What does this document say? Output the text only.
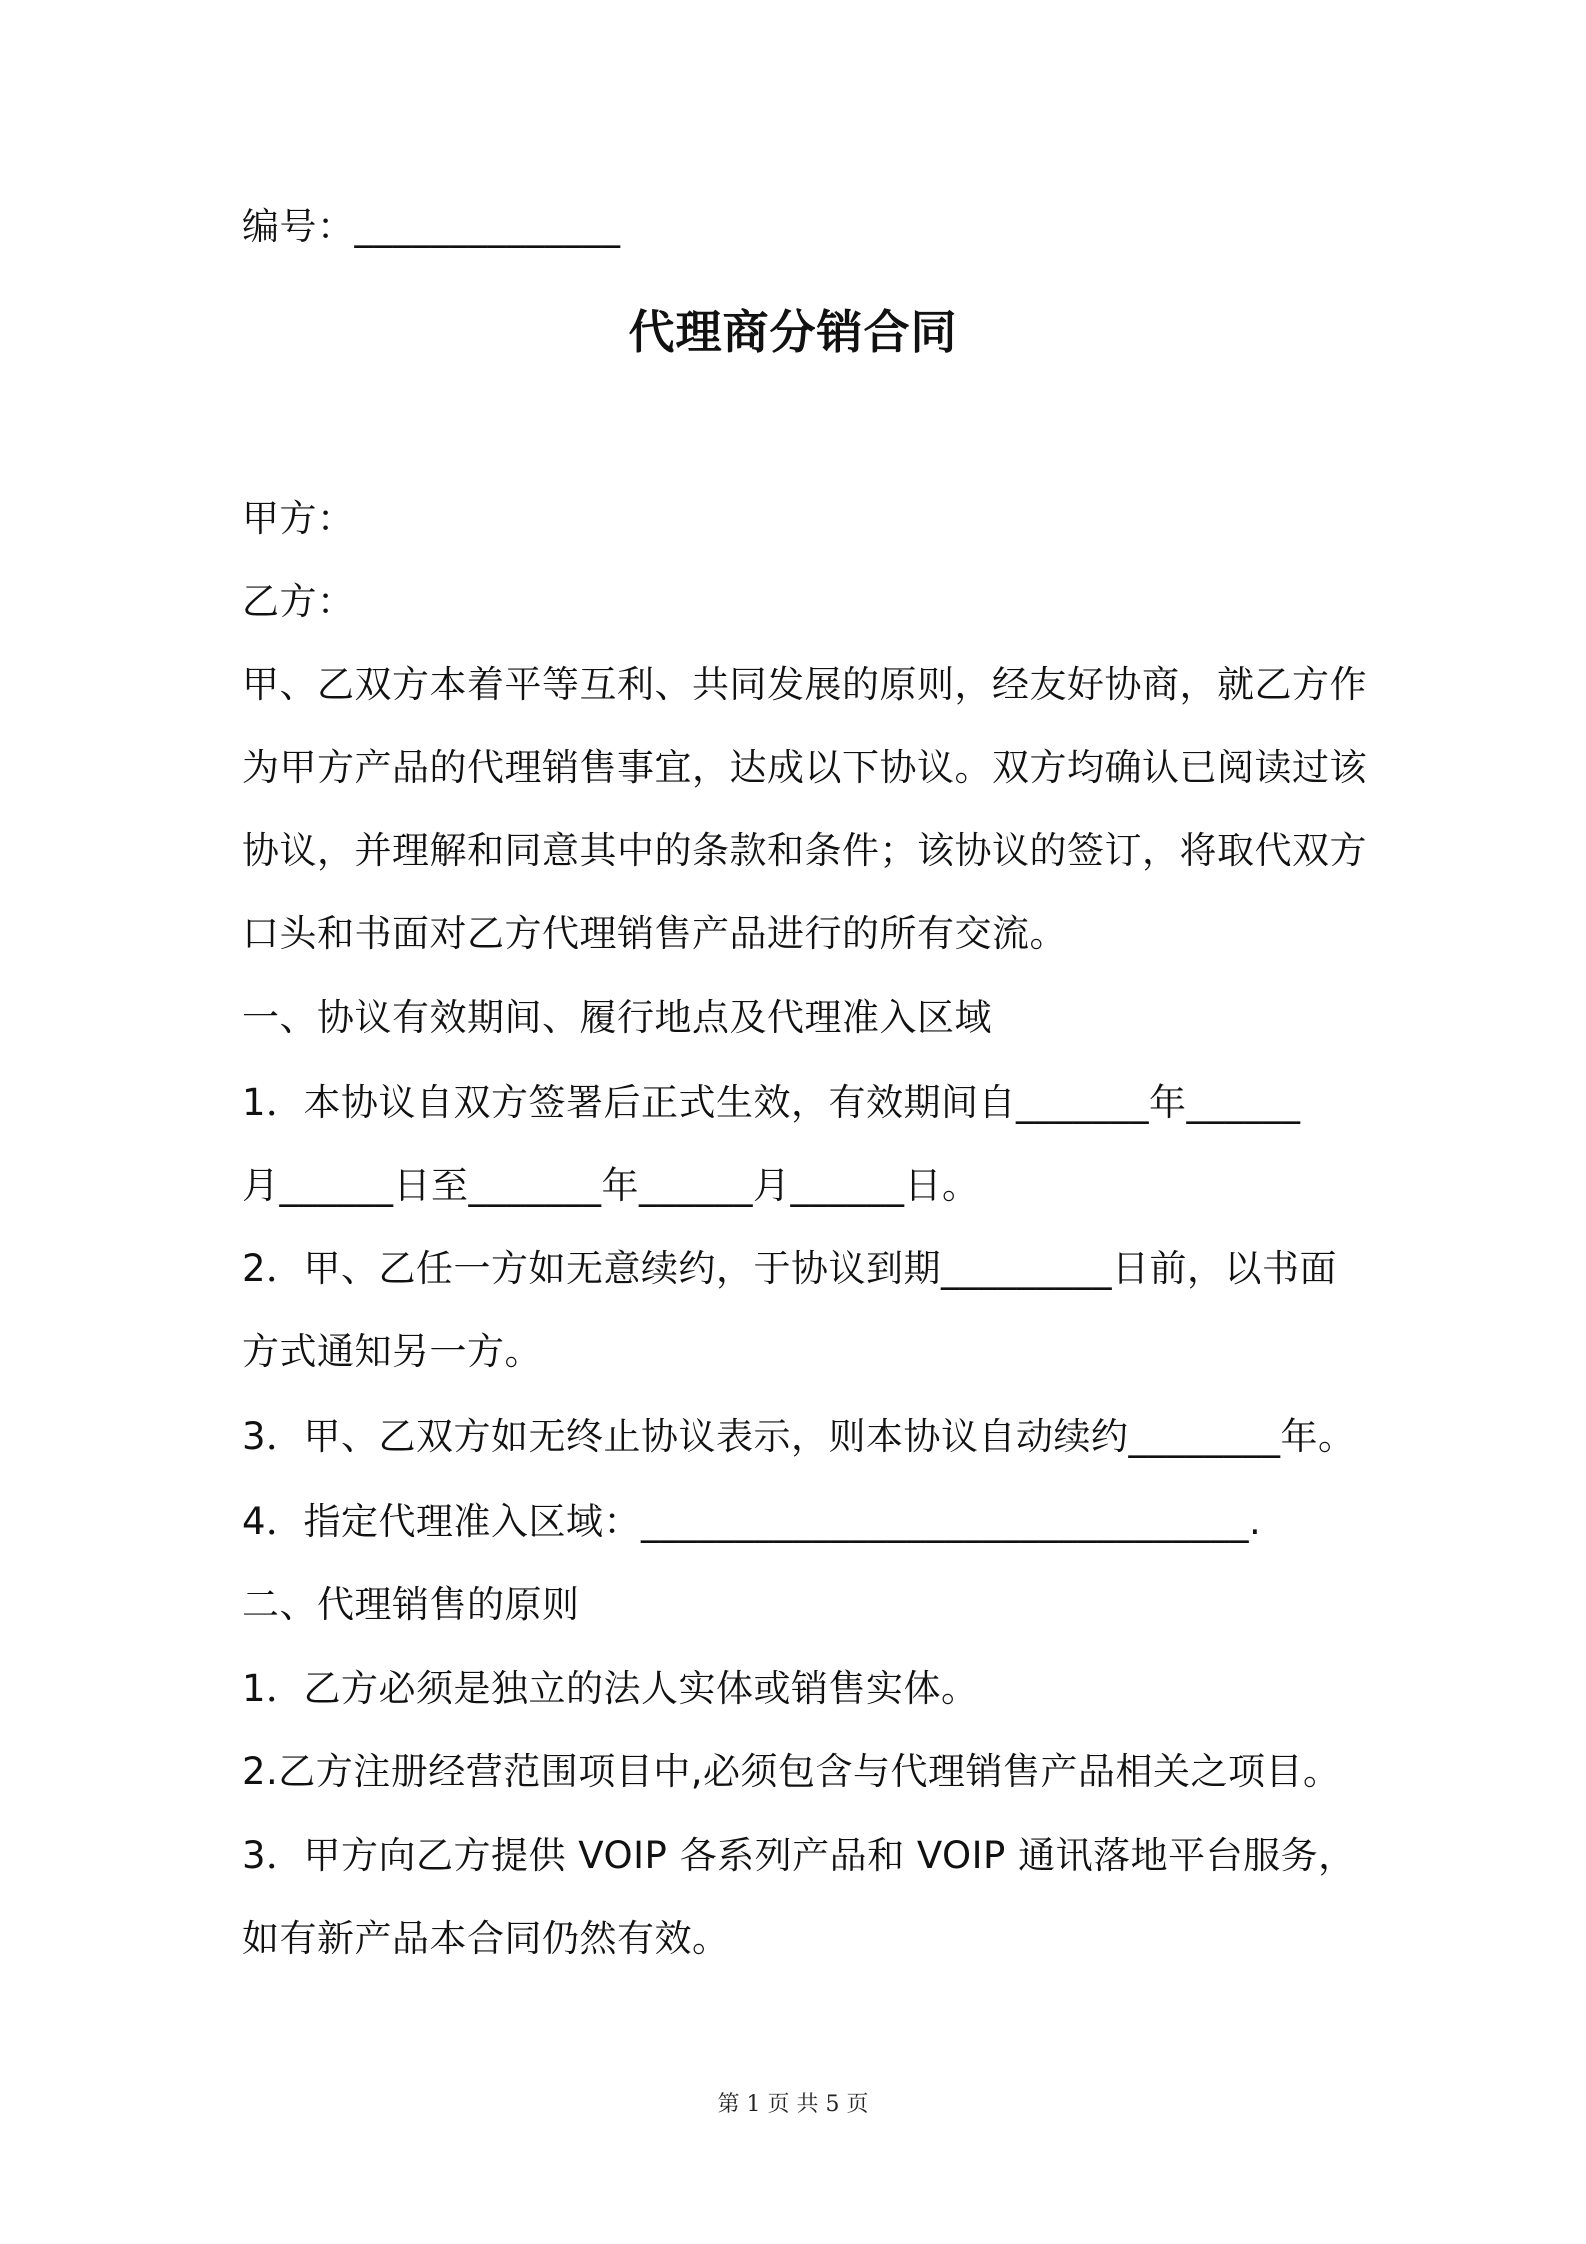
编号：______________
代理商分销合同
甲方：
乙方：
甲、乙双方本着平等互利、共同发展的原则，经友好协商，就乙方作
为甲方产品的代理销售事宜，达成以下协议。双方均确认已阅读过该
协议，并理解和同意其中的条款和条件；该协议的签订，将取代双方
口头和书面对乙方代理销售产品进行的所有交流。
一、协议有效期间、履行地点及代理准入区域
1．本协议自双方签署后正式生效，有效期间自_______年______
月______日至_______年______月______日。
2．甲、乙任一方如无意续约，于协议到期_________日前，以书面
方式通知另一方。
3．甲、乙双方如无终止协议表示，则本协议自动续约________年。
4．指定代理准入区域：________________________________.
二、代理销售的原则
1．乙方必须是独立的法人实体或销售实体。
2.乙方注册经营范围项目中,必须包含与代理销售产品相关之项目。
3．甲方向乙方提供 VOIP 各系列产品和 VOIP 通讯落地平台服务，
如有新产品本合同仍然有效。
第 1 页 共 5 页
